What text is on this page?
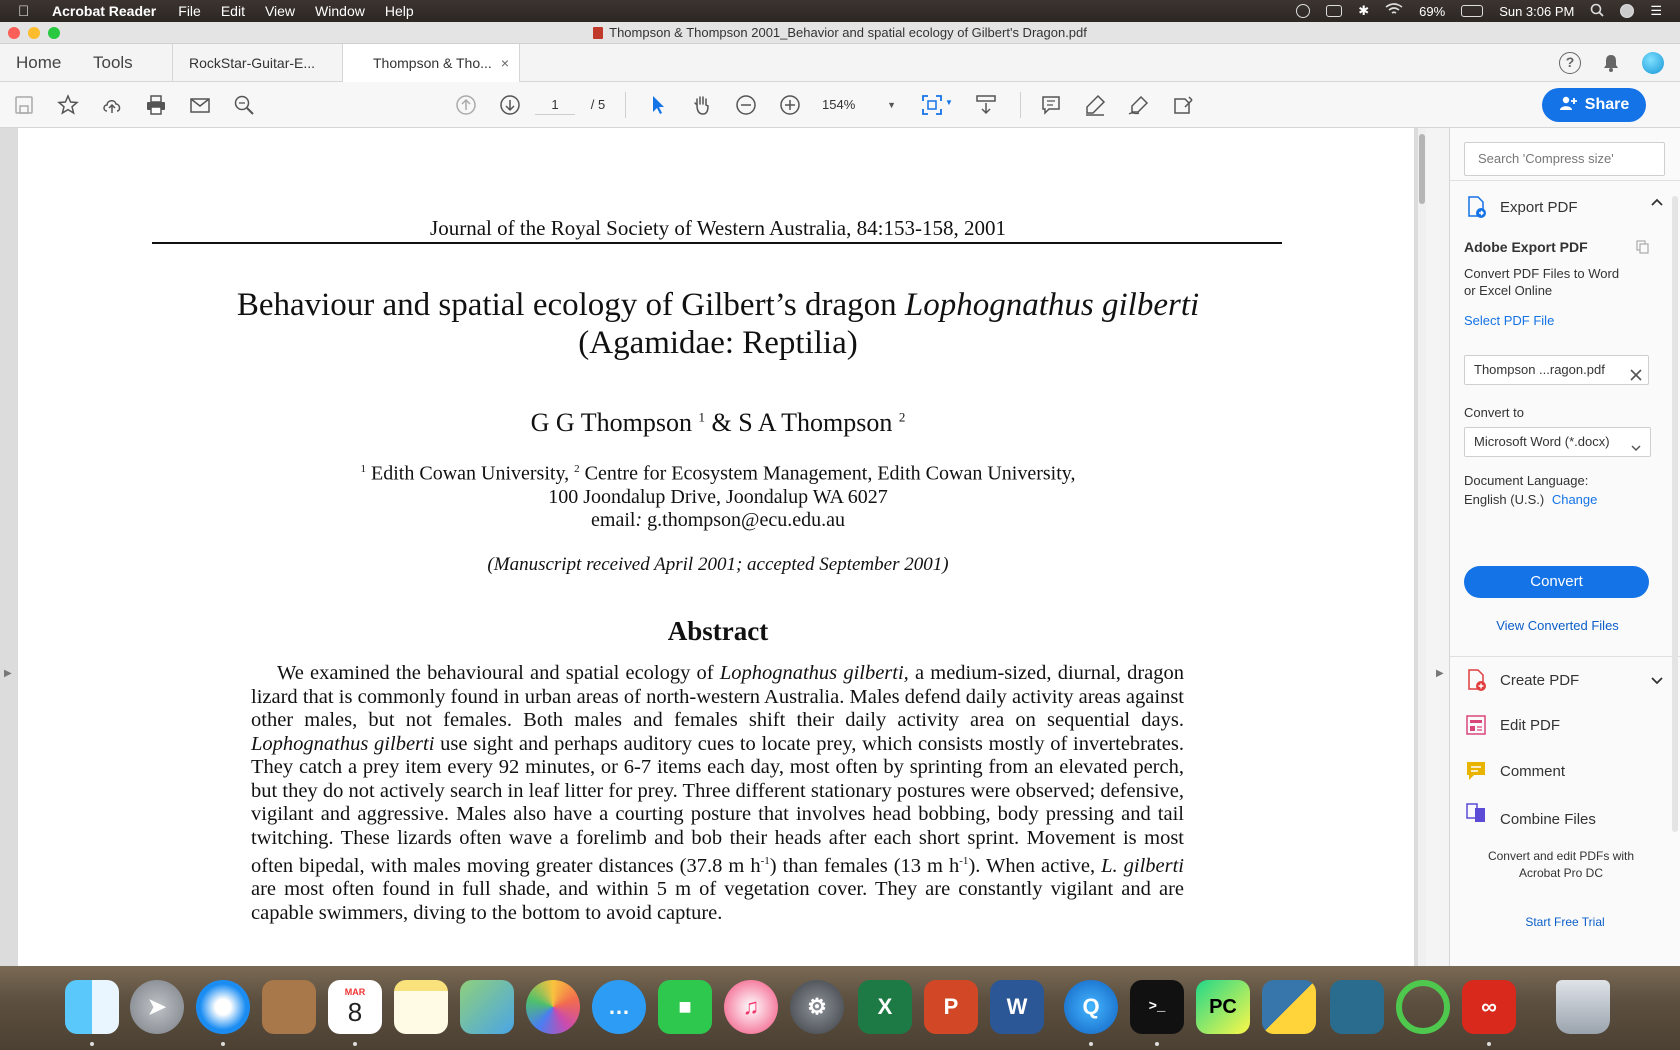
Acrobat Reader File Edit View Window Help	✱	69%	Sun 3:06 PM	☰
Thompson & Thompson 2001_Behavior and spatial ecology of Gilbert's Dragon.pdf
Home Tools	RockStar-Guitar-E...	Thompson & Tho... ×	?
1	/ 5	154%	▼	▼	Share
Journal of the Royal Society of Western Australia, 84:153-158, 2001
Behaviour and spatial ecology of Gilbert’s dragon Lophognathus gilberti
(Agamidae: Reptilia)
G G Thompson $^1$ & S A Thompson $^2$
$^1$ Edith Cowan University, $^2$ Centre for Ecosystem Management, Edith Cowan University,
100 Joondalup Drive, Joondalup WA 6027
email: g.thompson@ecu.edu.au
(Manuscript received April 2001; accepted September 2001)
Abstract
We examined the behavioural and spatial ecology of Lophognathus gilberti, a medium-sized, diurnal, dragon lizard that is commonly found in urban areas of north-western Australia. Males defend daily activity areas against other males, but not females. Both males and females shift their daily activity area on sequential days. Lophognathus gilberti use sight and perhaps auditory cues to locate prey, which consists mostly of invertebrates. They catch a prey item every 92 minutes, or 6-7 items each day, most often by sprinting from an elevated perch, but they do not actively search in leaf litter for prey. Three different stationary postures were observed; defensive, vigilant and aggressive. Males also have a courting posture that involves head bobbing, body pressing and tail twitching. These lizards often wave a forelimb and bob their heads after each short sprint. Movement is most often bipedal, with males moving greater distances (37.8 m $h^{-1}$) than females (13 m $h^{-1}$). When active, L. gilberti are most often found in full shade, and within 5 m of vegetation cover. They are constantly vigilant and are capable swimmers, diving to the bottom to avoid capture.
▶	▶
Search 'Compress size'
Export PDF
Adobe Export PDF
Convert PDF Files to Word or Excel Online
Select PDF File
Thompson ...ragon.pdf
Convert to
Microsoft Word (*.docx)
Document Language:
English (U.S.) Change
Convert
View Converted Files
Create PDF
Edit PDF
Comment
Combine Files
Convert and edit PDFs with Acrobat Pro DC
Start Free Trial
➤
MAR
8	…	■	♫	⚙	X P W	Q	>_ PC	∞
